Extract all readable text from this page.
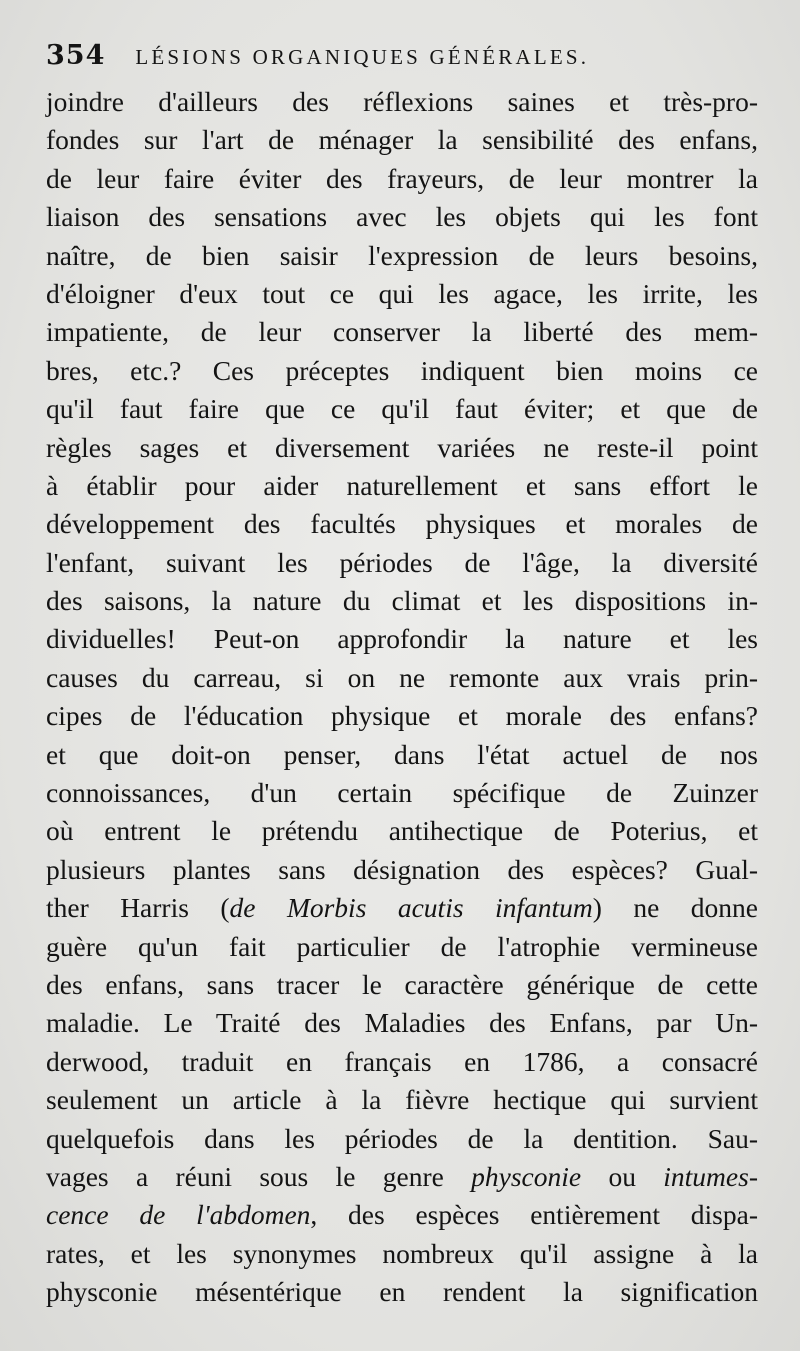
354 LÉSIONS ORGANIQUES GÉNÉRALES.
joindre d'ailleurs des réflexions saines et très-pro-
fondes sur l'art de ménager la sensibilité des enfans,
de leur faire éviter des frayeurs, de leur montrer la
liaison des sensations avec les objets qui les font
naître, de bien saisir l'expression de leurs besoins,
d'éloigner d'eux tout ce qui les agace, les irrite, les
impatiente, de leur conserver la liberté des mem-
bres, etc.? Ces préceptes indiquent bien moins ce
qu'il faut faire que ce qu'il faut éviter; et que de
règles sages et diversement variées ne reste-il point
à établir pour aider naturellement et sans effort le
développement des facultés physiques et morales de
l'enfant, suivant les périodes de l'âge, la diversité
des saisons, la nature du climat et les dispositions in-
dividuelles! Peut-on approfondir la nature et les
causes du carreau, si on ne remonte aux vrais prin-
cipes de l'éducation physique et morale des enfans?
et que doit-on penser, dans l'état actuel de nos
connoissances, d'un certain spécifique de Zuinzer
où entrent le prétendu antihectique de Poterius, et
plusieurs plantes sans désignation des espèces? Gual-
ther Harris (de Morbis acutis infantum) ne donne
guère qu'un fait particulier de l'atrophie vermineuse
des enfans, sans tracer le caractère générique de cette
maladie. Le Traité des Maladies des Enfans, par Un-
derwood, traduit en français en 1786, a consacré
seulement un article à la fièvre hectique qui survient
quelquefois dans les périodes de la dentition. Sau-
vages a réuni sous le genre physconie ou intumes-
cence de l'abdomen, des espèces entièrement dispa-
rates, et les synonymes nombreux qu'il assigne à la
physconie mésentérique en rendent la signification
